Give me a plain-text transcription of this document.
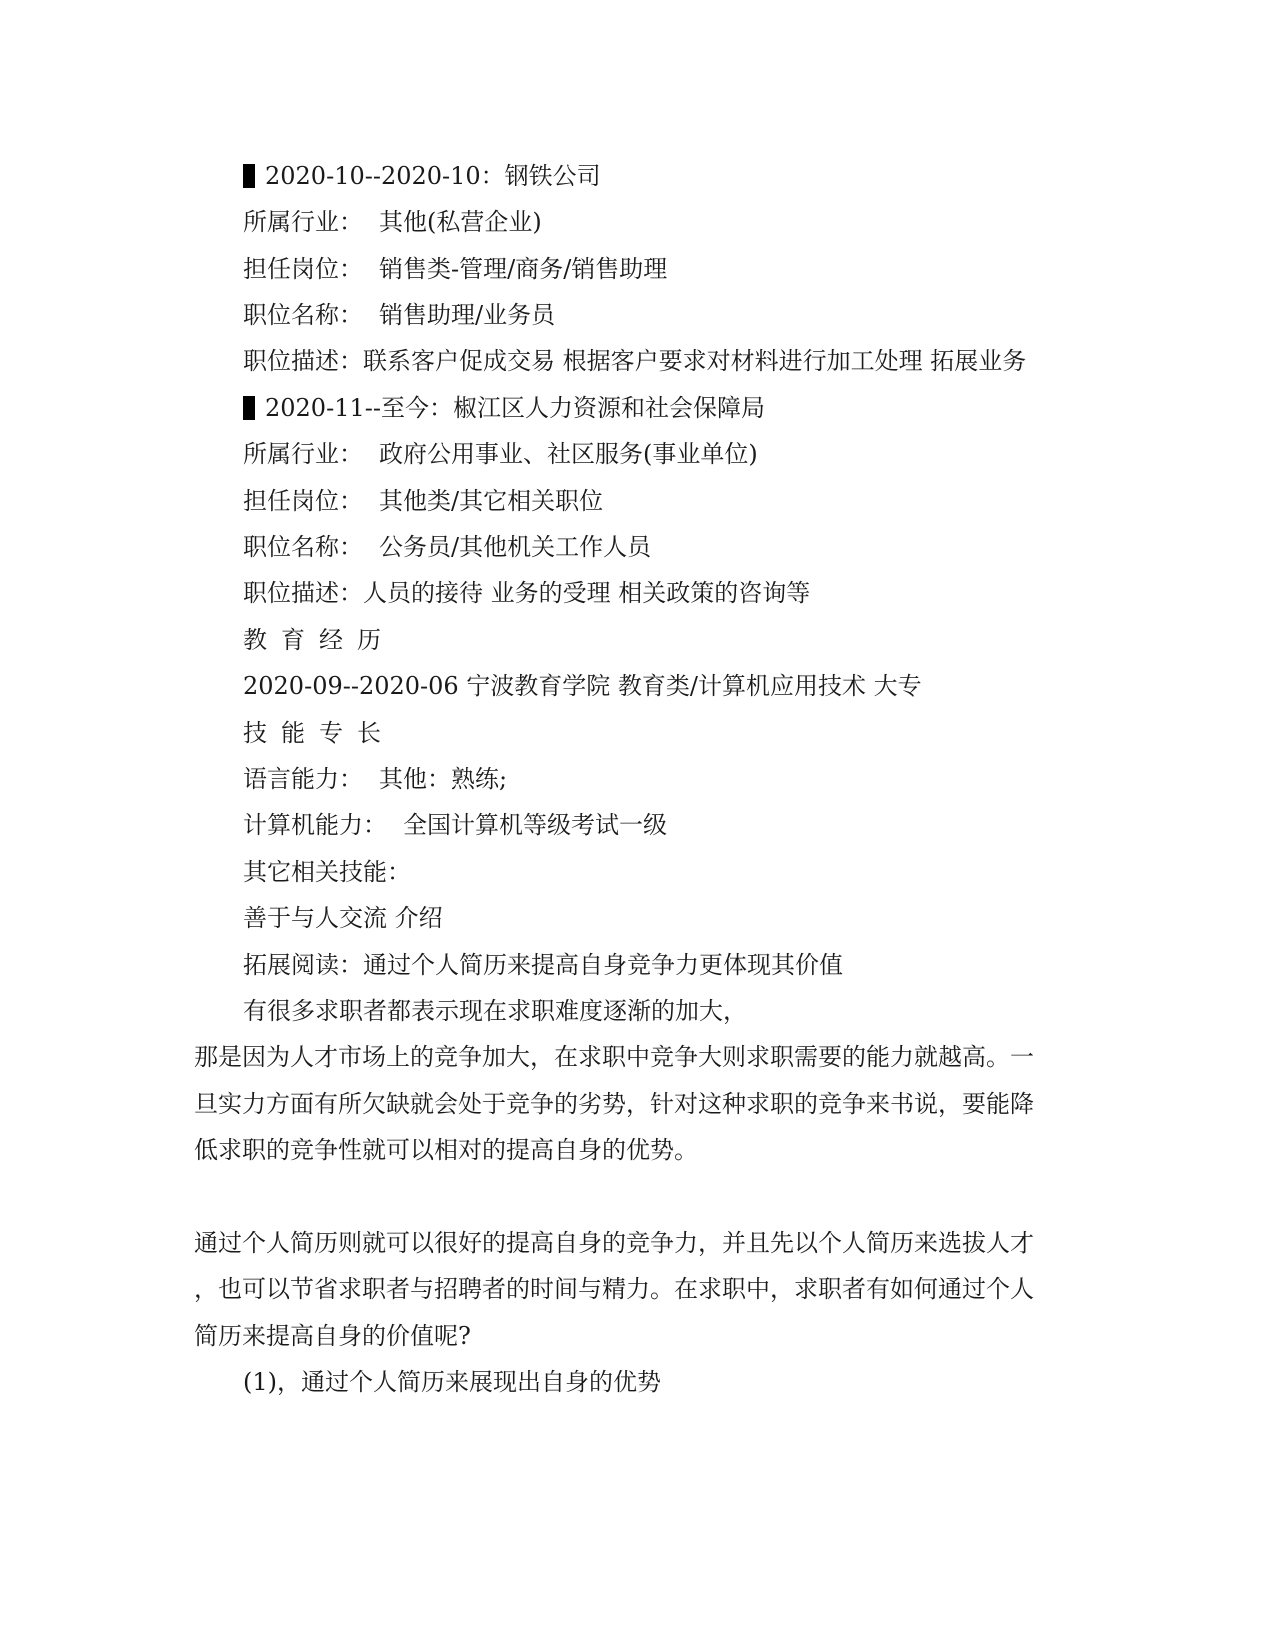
2020-10--2020-10：钢铁公司
所属行业： 其他(私营企业)
担任岗位： 销售类-管理/商务/销售助理
职位名称： 销售助理/业务员
职位描述：联系客户促成交易 根据客户要求对材料进行加工处理 拓展业务
2020-11--至今：椒江区人力资源和社会保障局
所属行业： 政府公用事业、社区服务(事业单位)
担任岗位： 其他类/其它相关职位
职位名称： 公务员/其他机关工作人员
职位描述：人员的接待 业务的受理 相关政策的咨询等
教育经历
2020-09--2020-06 宁波教育学院 教育类/计算机应用技术 大专
技能专长
语言能力： 其他：熟练;
计算机能力： 全国计算机等级考试一级
其它相关技能：
善于与人交流 介绍
拓展阅读：通过个人简历来提高自身竞争力更体现其价值
有很多求职者都表示现在求职难度逐渐的加大，
那是因为人才市场上的竞争加大，在求职中竞争大则求职需要的能力就越高。一
旦实力方面有所欠缺就会处于竞争的劣势，针对这种求职的竞争来书说，要能降
低求职的竞争性就可以相对的提高自身的优势。
通过个人简历则就可以很好的提高自身的竞争力，并且先以个人简历来选拔人才
，也可以节省求职者与招聘者的时间与精力。在求职中，求职者有如何通过个人
简历来提高自身的价值呢?
(1)，通过个人简历来展现出自身的优势
